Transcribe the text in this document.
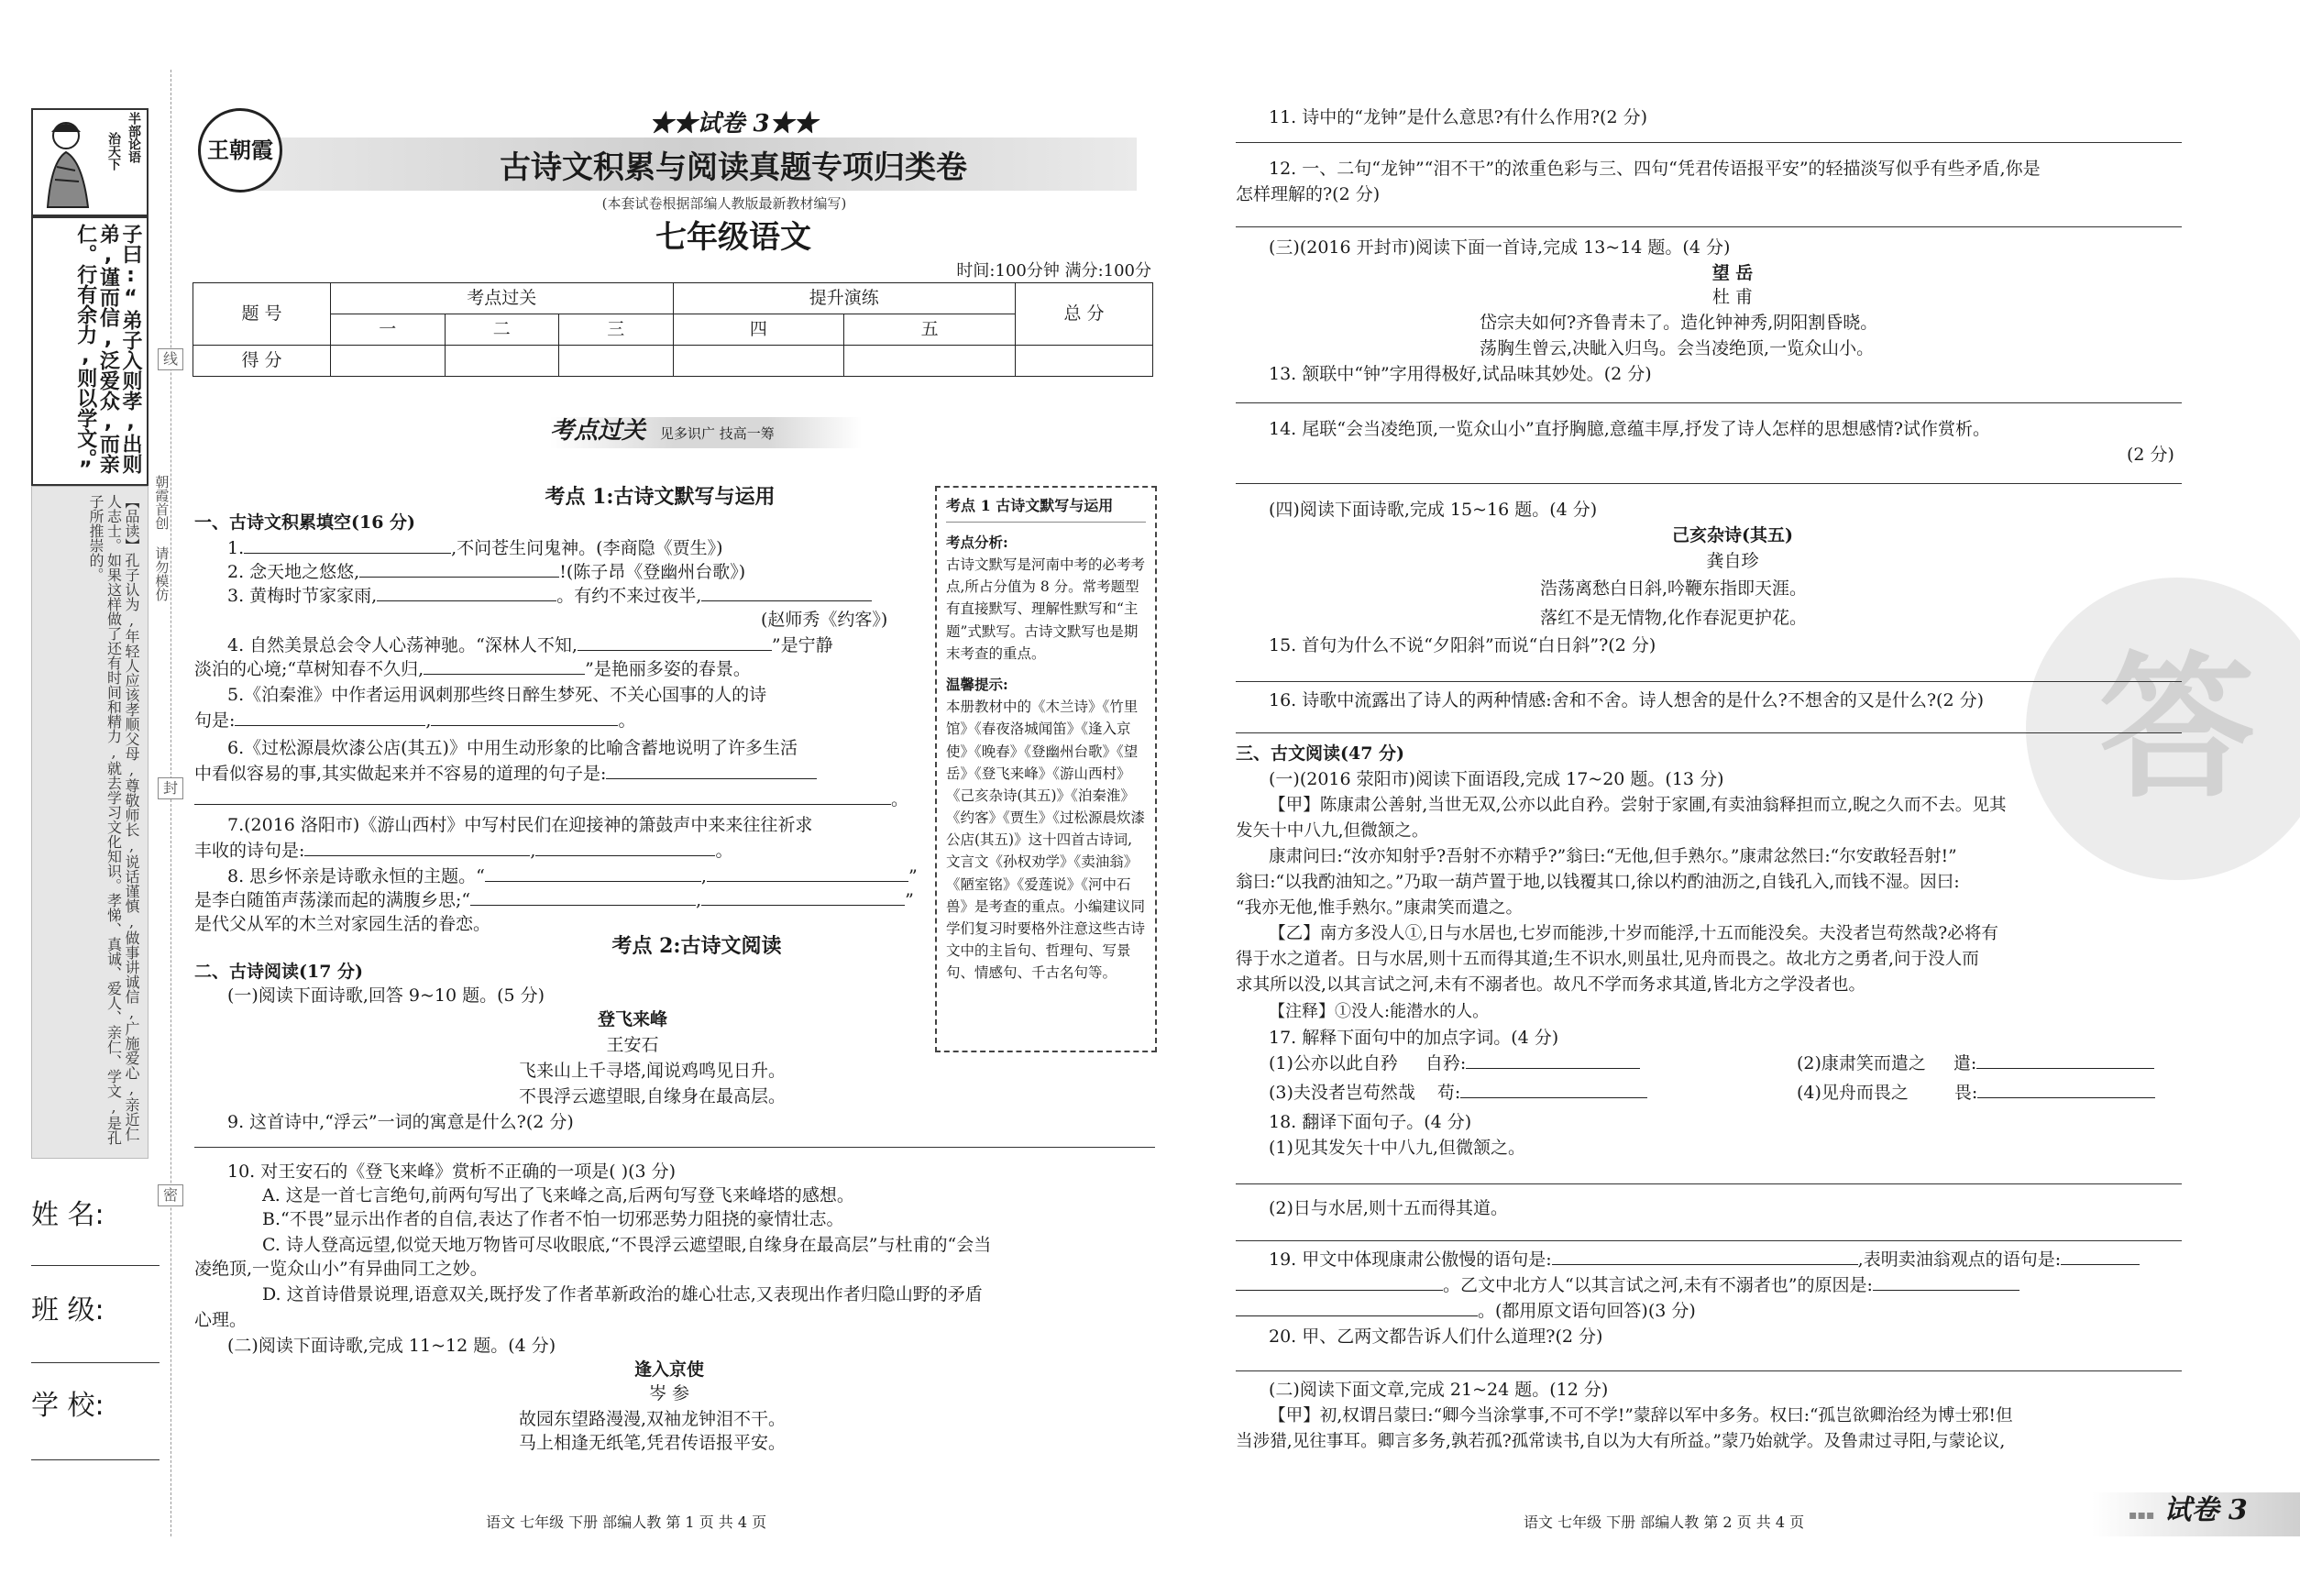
半部论语
治天下
子曰:“弟子入则孝,出则弟,谨而信,泛爱众,而亲仁。行有余力,则以学文。”
【品读】孔子认为,年轻人应该孝顺父母,尊敬师长,说话谨慎,做事讲诚信,广施爱心,亲近仁人志士。如果这样做了还有时间和精力,就去学习文化知识。孝悌、真诚、爱人、亲仁、学文,是孔子所推崇的。
姓 名:
班 级:
学 校:
线
朝霞首创 请勿模仿
封
密
王朝霞
★★试卷 3★★
古诗文积累与阅读真题专项归类卷
(本套试卷根据部编人教版最新教材编写)
七年级语文
时间:100分钟 满分:100分
题 号	考点过关			提升演练		总 分
	一	二	三	四	五	
得 分						
考点过关 见多识广 技高一筹
考点 1:古诗文默写与运用
一、古诗文积累填空(16 分)
1.	,不问苍生问鬼神。(李商隐《贾生》)
2. 念天地之悠悠,	!(陈子昂《登幽州台歌》)
3. 黄梅时节家家雨,	。有约不来过夜半,
(赵师秀《约客》)
4. 自然美景总会令人心荡神驰。“深林人不知,	”是宁静
淡泊的心境;“草树知春不久归,	”是艳丽多姿的春景。
5.《泊秦淮》中作者运用讽刺那些终日醉生梦死、不关心国事的人的诗
句是:	,	。
6.《过松源晨炊漆公店(其五)》中用生动形象的比喻含蓄地说明了许多生活
中看似容易的事,其实做起来并不容易的道理的句子是:
。
7.(2016 洛阳市)《游山西村》中写村民们在迎接神的箫鼓声中来来往往祈求
丰收的诗句是:	,	。
8. 思乡怀亲是诗歌永恒的主题。“	,	”
是李白随笛声荡漾而起的满腹乡思;“	,	”
是代父从军的木兰对家园生活的眷恋。
考点 2:古诗文阅读
二、古诗阅读(17 分)
(一)阅读下面诗歌,回答 9~10 题。(5 分)
登飞来峰
王安石
飞来山上千寻塔,闻说鸡鸣见日升。
不畏浮云遮望眼,自缘身在最高层。
9. 这首诗中,“浮云”一词的寓意是什么?(2 分)
10. 对王安石的《登飞来峰》赏析不正确的一项是( )(3 分)
A. 这是一首七言绝句,前两句写出了飞来峰之高,后两句写登飞来峰塔的感想。
B.“不畏”显示出作者的自信,表达了作者不怕一切邪恶势力阻挠的豪情壮志。
C. 诗人登高远望,似觉天地万物皆可尽收眼底,“不畏浮云遮望眼,自缘身在最高层”与杜甫的“会当
凌绝顶,一览众山小”有异曲同工之妙。
D. 这首诗借景说理,语意双关,既抒发了作者革新政治的雄心壮志,又表现出作者归隐山野的矛盾
心理。
(二)阅读下面诗歌,完成 11~12 题。(4 分)
逢入京使
岑 参
故园东望路漫漫,双袖龙钟泪不干。
马上相逢无纸笔,凭君传语报平安。
语文 七年级 下册 部编人教 第 1 页 共 4 页
考点 1 古诗文默写与运用
考点分析:
古诗文默写是河南中考的必考考点,所占分值为 8 分。常考题型有直接默写、理解性默写和“主题”式默写。古诗文默写也是期末考查的重点。
温馨提示:
本册教材中的《木兰诗》《竹里馆》《春夜洛城闻笛》《逢入京使》《晚春》《登幽州台歌》《望岳》《登飞来峰》《游山西村》《己亥杂诗(其五)》《泊秦淮》《约客》《贾生》《过松源晨炊漆公店(其五)》这十四首古诗词,文言文《孙权劝学》《卖油翁》《陋室铭》《爱莲说》《河中石兽》是考查的重点。小编建议同学们复习时要格外注意这些古诗文中的主旨句、哲理句、写景句、情感句、千古名句等。
答
11. 诗中的“龙钟”是什么意思?有什么作用?(2 分)
12. 一、二句“龙钟”“泪不干”的浓重色彩与三、四句“凭君传语报平安”的轻描淡写似乎有些矛盾,你是
怎样理解的?(2 分)
(三)(2016 开封市)阅读下面一首诗,完成 13~14 题。(4 分)
望 岳
杜 甫
岱宗夫如何?齐鲁青未了。造化钟神秀,阴阳割昏晓。
荡胸生曾云,决眦入归鸟。会当凌绝顶,一览众山小。
13. 颔联中“钟”字用得极好,试品味其妙处。(2 分)
14. 尾联“会当凌绝顶,一览众山小”直抒胸臆,意蕴丰厚,抒发了诗人怎样的思想感情?试作赏析。
(2 分)
(四)阅读下面诗歌,完成 15~16 题。(4 分)
己亥杂诗(其五)
龚自珍
浩荡离愁白日斜,吟鞭东指即天涯。
落红不是无情物,化作春泥更护花。
15. 首句为什么不说“夕阳斜”而说“白日斜”?(2 分)
16. 诗歌中流露出了诗人的两种情感:舍和不舍。诗人想舍的是什么?不想舍的又是什么?(2 分)
三、古文阅读(47 分)
(一)(2016 荥阳市)阅读下面语段,完成 17~20 题。(13 分)
【甲】陈康肃公善射,当世无双,公亦以此自矜。尝射于家圃,有卖油翁释担而立,睨之久而不去。见其
发矢十中八九,但微颔之。
康肃问曰:“汝亦知射乎?吾射不亦精乎?”翁曰:“无他,但手熟尔。”康肃忿然曰:“尔安敢轻吾射!”
翁曰:“以我酌油知之。”乃取一葫芦置于地,以钱覆其口,徐以杓酌油沥之,自钱孔入,而钱不湿。因曰:
“我亦无他,惟手熟尔。”康肃笑而遣之。
【乙】南方多没人①,日与水居也,七岁而能涉,十岁而能浮,十五而能没矣。夫没者岂苟然哉?必将有
得于水之道者。日与水居,则十五而得其道;生不识水,则虽壮,见舟而畏之。故北方之勇者,问于没人而
求其所以没,以其言试之河,未有不溺者也。故凡不学而务求其道,皆北方之学没者也。
【注释】①没人:能潜水的人。
17. 解释下面句中的加点字词。(4 分)
(1)公亦以此自矜 自矜:	(2)康肃笑而遣之 遣:
(3)夫没者岂苟然哉 苟:	(4)见舟而畏之	畏:
18. 翻译下面句子。(4 分)
(1)见其发矢十中八九,但微颔之。
(2)日与水居,则十五而得其道。
19. 甲文中体现康肃公傲慢的语句是:	,表明卖油翁观点的语句是:
。乙文中北方人“以其言试之河,未有不溺者也”的原因是:
。(都用原文语句回答)(3 分)
20. 甲、乙两文都告诉人们什么道理?(2 分)
(二)阅读下面文章,完成 21~24 题。(12 分)
【甲】初,权谓吕蒙曰:“卿今当涂掌事,不可不学!”蒙辞以军中多务。权曰:“孤岂欲卿治经为博士邪!但
当涉猎,见往事耳。卿言多务,孰若孤?孤常读书,自以为大有所益。”蒙乃始就学。及鲁肃过寻阳,与蒙论议,
语文 七年级 下册 部编人教 第 2 页 共 4 页	▪▪▪ 试卷 3
